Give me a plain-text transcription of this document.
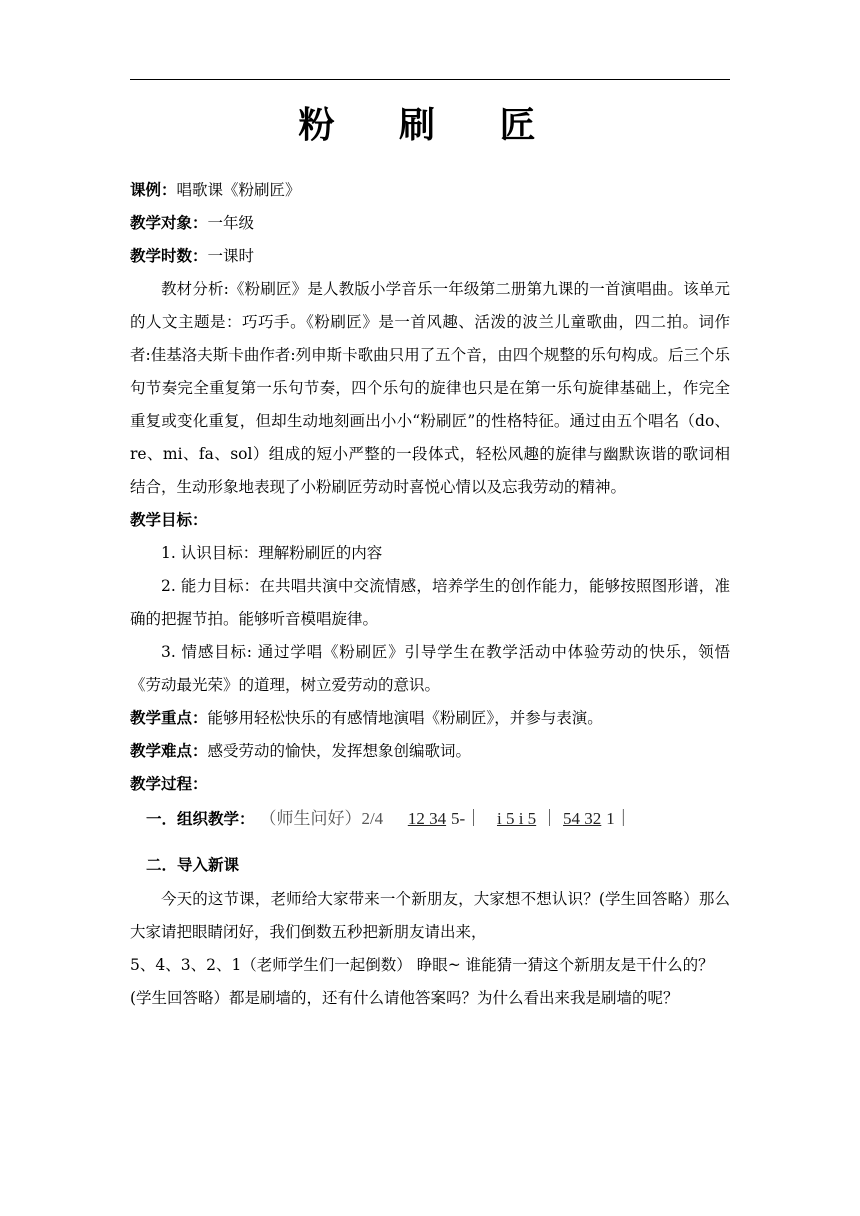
粉 刷 匠
课例：唱歌课《粉刷匠》
教学对象：一年级
教学时数：一课时

教材分析:《粉刷匠》是人教版小学音乐一年级第二册第九课的一首演唱曲。该单元的人文主题是：巧巧手。《粉刷匠》是一首风趣、活泼的波兰儿童歌曲，四二拍。词作者:佳基洛夫斯卡曲作者:列申斯卡歌曲只用了五个音，由四个规整的乐句构成。后三个乐句节奏完全重复第一乐句节奏，四个乐句的旋律也只是在第一乐句旋律基础上，作完全重复或变化重复，但却生动地刻画出小小“粉刷匠”的性格特征。通过由五个唱名（do、re、mi、fa、sol）组成的短小严整的一段体式，轻松风趣的旋律与幽默诙谐的歌词相结合，生动形象地表现了小粉刷匠劳动时喜悦心情以及忘我劳动的精神。

教学目标：

1. 认识目标：理解粉刷匠的内容

2. 能力目标：在共唱共演中交流情感，培养学生的创作能力，能够按照图形谱，准确的把握节拍。能够听音模唱旋律。

3. 情感目标: 通过学唱《粉刷匠》引导学生在教学活动中体验劳动的快乐，领悟《劳动最光荣》的道理，树立爱劳动的意识。

教学重点：能够用轻松快乐的有感情地演唱《粉刷匠》，并参与表演。
教学难点：感受劳动的愉快，发挥想象创编歌词。
教学过程：
一．组织教学： （师生问好）2/4 12 34 5-｜ i 5 i 5 ｜ 54 32 1｜
二．导入新课

今天的这节课，老师给大家带来一个新朋友，大家想不想认识？(学生回答略）那么大家请把眼睛闭好，我们倒数五秒把新朋友请出来，

5、4、3、2、1（老师学生们一起倒数） 睁眼~ 谁能猜一猜这个新朋友是干什么的？

(学生回答略）都是刷墙的，还有什么请他答案吗？为什么看出来我是刷墙的呢？
